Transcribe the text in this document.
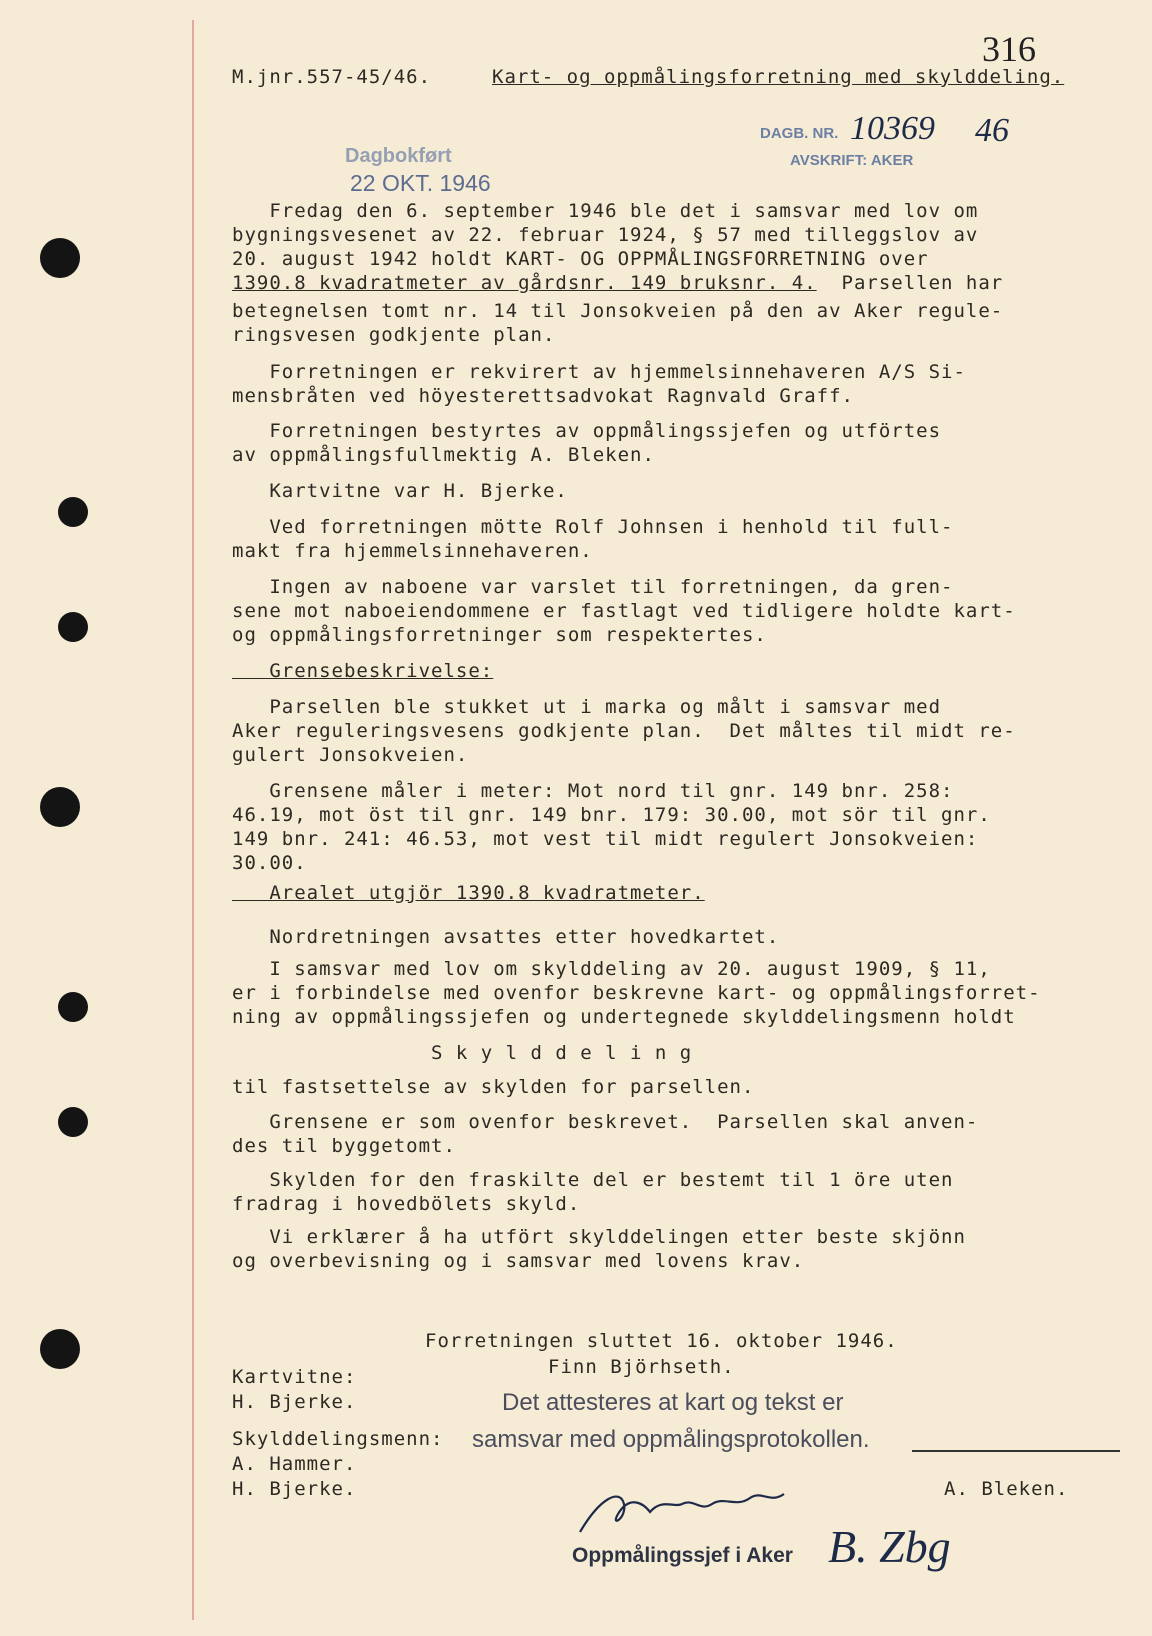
316
M.jnr.557-45/46.	Kart- og oppmålingsforretning med skylddeling.
Dagbokført
22 OKT. 1946
DAGB. NR. 10369 46
AVSKRIFT: AKER
Fredag den 6. september 1946 ble det i samsvar med lov om
bygningsvesenet av 22. februar 1924, § 57 med tilleggslov av
20. august 1942 holdt KART- OG OPPMÅLINGSFORRETNING over
1390.8 kvadratmeter av gårdsnr. 149 bruksnr. 4.  Parsellen har
betegnelsen tomt nr. 14 til Jonsokveien på den av Aker regule-
ringsvesen godkjente plan.
Forretningen er rekvirert av hjemmelsinnehaveren A/S Si-
mensbråten ved höyesterettsadvokat Ragnvald Graff.
Forretningen bestyrtes av oppmålingssjefen og utförtes
av oppmålingsfullmektig A. Bleken.
Kartvitne var H. Bjerke.
Ved forretningen mötte Rolf Johnsen i henhold til full-
makt fra hjemmelsinnehaveren.
Ingen av naboene var varslet til forretningen, da gren-
sene mot naboeiendommene er fastlagt ved tidligere holdte kart-
og oppmålingsforretninger som respektertes.
Grensebeskrivelse:
Parsellen ble stukket ut i marka og målt i samsvar med
Aker reguleringsvesens godkjente plan.  Det måltes til midt re-
gulert Jonsokveien.
Grensene måler i meter: Mot nord til gnr. 149 bnr. 258:
46.19, mot öst til gnr. 149 bnr. 179: 30.00, mot sör til gnr.
149 bnr. 241: 46.53, mot vest til midt regulert Jonsokveien:
30.00.
Arealet utgjör 1390.8 kvadratmeter.
Nordretningen avsattes etter hovedkartet.
I samsvar med lov om skylddeling av 20. august 1909, § 11,
er i forbindelse med ovenfor beskrevne kart- og oppmålingsforret-
ning av oppmålingssjefen og undertegnede skylddelingsmenn holdt
S k y l d d e l i n g
til fastsettelse av skylden for parsellen.
Grensene er som ovenfor beskrevet.  Parsellen skal anven-
des til byggetomt.
Skylden for den fraskilte del er bestemt til 1 öre uten
fradrag i hovedbölets skyld.
Vi erklærer å ha utfört skylddelingen etter beste skjönn
og overbevisning og i samsvar med lovens krav.
Forretningen sluttet 16. oktober 1946.
Finn Björhseth.
Kartvitne:
H. Bjerke.
Skylddelingsmenn:
A. Hammer.
H. Bjerke.
Det attesteres at kart og tekst er
samsvar med oppmålingsprotokollen.
A. Bleken.
Oppmålingssjef i Aker B. Zbg
